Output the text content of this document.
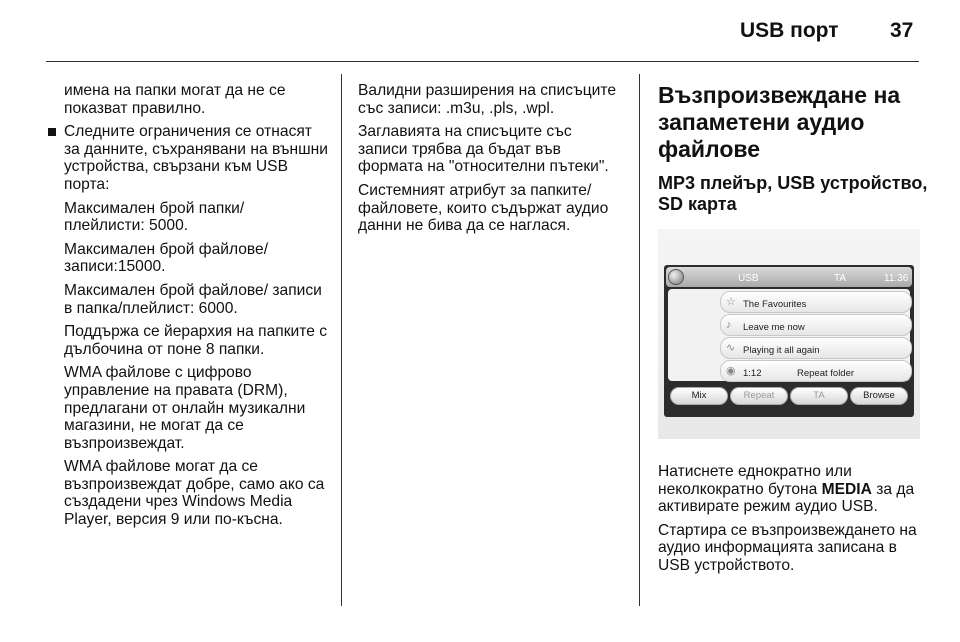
USB порт 37

имена на папки могат да не се показват правилно.

Следните ограничения се отнасят за данните, съхранявани на външни устройства, свързани към USB порта:

Максимален брой папки/ плейлисти: 5000.

Максимален брой файлове/ записи:15000.

Максимален брой файлове/ записи в папка/плейлист: 6000.

Поддържа се йерархия на папките с дълбочина от поне 8 папки.

WMA файлове с цифрово управление на правата (DRM), предлагани от онлайн музикални магазини, не могат да се възпроизвеждат.

WMA файлове могат да се възпроизвеждат добре, само ако са създадени чрез Windows Media Player, версия 9 или по-късна.

Валидни разширения на списъците със записи: .m3u, .pls, .wpl.

Заглавията на списъците със записи трябва да бъдат във формата на "относителни пътеки".

Системният атрибут за папките/ файловете, които съдържат аудио данни не бива да се наглася.

Възпроизвеждане на запаметени аудио файлове
MP3 плейър, USB устройство, SD карта
USB	TA	11:36
☆ The Favourites
♪ Leave me now
∿ Playing it all again
◉ 1:12	Repeat folder
Mix	Repeat	TA	Browse

Натиснете еднократно или неколкократно бутона MEDIA за да активирате режим аудио USB.

Стартира се възпроизвеждането на аудио информацията записана в USB устройството.
